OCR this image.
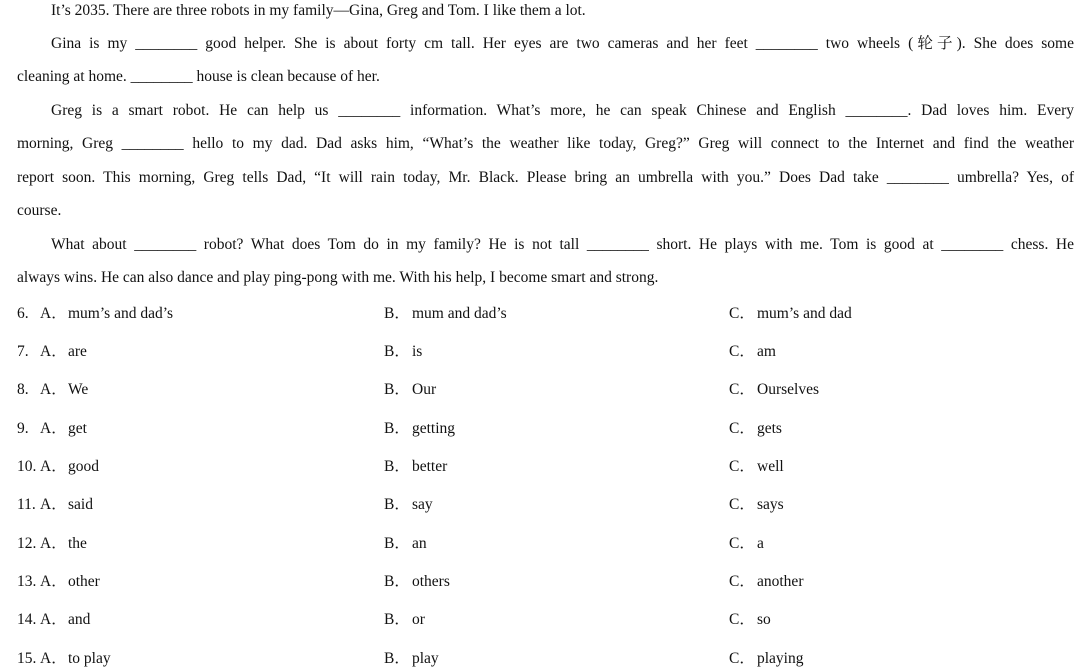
It’s 2035. There are three robots in my family—Gina, Greg and Tom. I like them a lot.
Gina is my ________ good helper. She is about forty cm tall. Her eyes are two cameras and her feet ________ two wheels (轮子). She does some
cleaning at home. ________ house is clean because of her.
Greg is a smart robot. He can help us ________ information. What’s more, he can speak Chinese and English ________. Dad loves him. Every
morning, Greg ________ hello to my dad. Dad asks him, “What’s the weather like today, Greg?” Greg will connect to the Internet and find the weather
report soon. This morning, Greg tells Dad, “It will rain today, Mr. Black. Please bring an umbrella with you.” Does Dad take ________ umbrella? Yes, of
course.
What about ________ robot? What does Tom do in my family? He is not tall ________ short. He plays with me. Tom is good at ________ chess. He
always wins. He can also dance and play ping-pong with me. With his help, I become smart and strong.
6. A．mum’s and dad’s	B． mum and dad’s	C． mum’s and dad
7. A．are	B． is	C． am
8. A．We	B． Our	C． Ourselves
9. A．get	B． getting	C． gets
10. A．good	B． better	C． well
11. A．said	B． say	C． says
12. A．the	B． an	C． a
13. A．other	B． others	C． another
14. A．and	B． or	C． so
15. A．to play	B． play	C． playing
